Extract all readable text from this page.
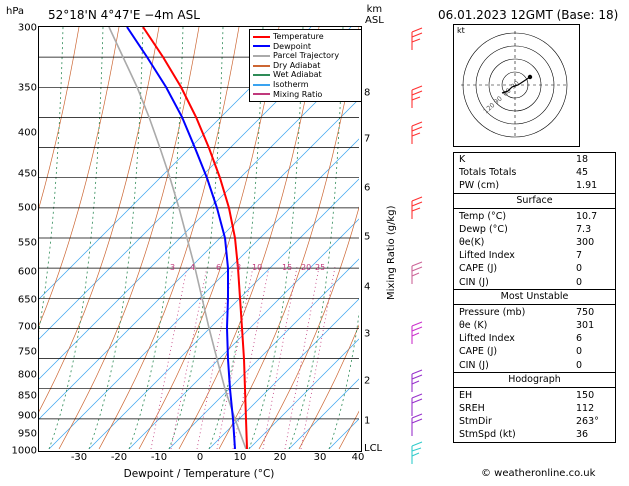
hPa 52°18'N 4°47'E −4m ASL	km
ASL
3 4	6 8 10 15 20 25
Temperature
Dewpoint
Parcel Trajectory
Dry Adiabat
Wet Adiabat
Isotherm
Mixing Ratio
300
350
400
450
500
550
600
650
700
750
800
850
900
950
1000
-30 -20 -10	0	10	20	30	40
Dewpoint / Temperature (°C)
8
7
6
5
4
3
2
1
Mixing Ratio (g/kg)
LCL
06.01.2023 12GMT (Base: 18)
kt
120
90
60
30
K	18
Totals Totals	45
PW (cm)	1.91
Surface
Temp (°C)	10.7
Dewp (°C)	7.3
θe(K)	300
Lifted Index	7
CAPE (J)	0
CIN (J)	0
Most Unstable
Pressure (mb)	750
θe (K)	301
Lifted Index	6
CAPE (J)	0
CIN (J)	0
Hodograph
EH	150
SREH	112
StmDir	263°
StmSpd (kt)	36
© weatheronline.co.uk
